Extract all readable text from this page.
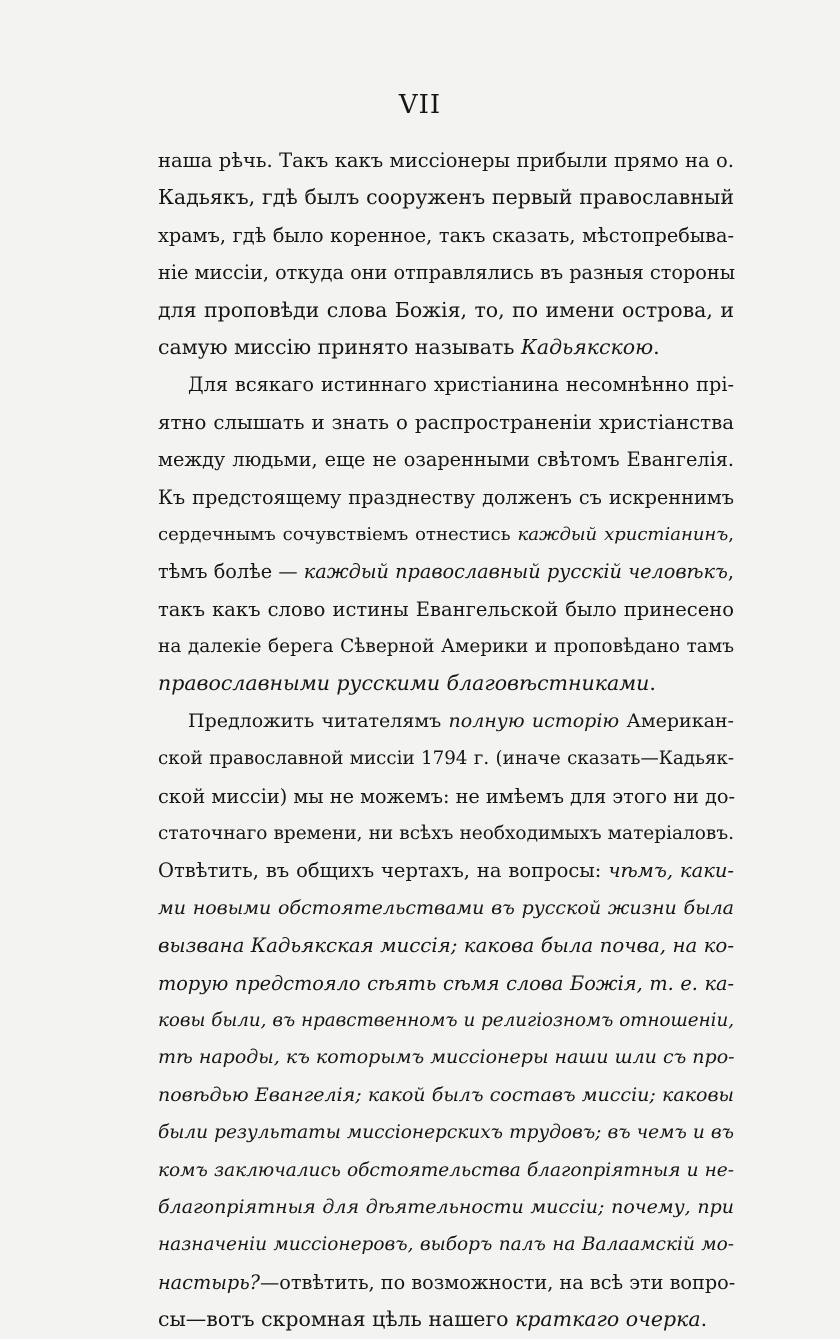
VII
наша рѣчь. Такъ какъ миссіонеры прибыли прямо на о.
Кадьякъ, гдѣ былъ сооруженъ первый православный
храмъ, гдѣ было коренное, такъ сказать, мѣстопребыва-
ніе миссіи, откуда они отправлялись въ разныя стороны
для проповѣди слова Божія, то, по имени острова, и
самую миссію принято называть Кадьякскою.
Для всякаго истиннаго христіанина несомнѣнно прі-
ятно слышать и знать о распространеніи христіанства
между людьми, еще не озаренными свѣтомъ Евангелія.
Къ предстоящему празднеству долженъ съ искреннимъ
сердечнымъ сочувствіемъ отнестись каждый христіанинъ,
тѣмъ болѣе — каждый православный русскій человѣкъ,
такъ какъ слово истины Евангельской было принесено
на далекіе берега Сѣверной Америки и проповѣдано тамъ
православными русскими благовѣстниками.
Предложить читателямъ полную исторію Американ-
ской православной миссіи 1794 г. (иначе сказать—Кадьяк-
ской миссіи) мы не можемъ: не имѣемъ для этого ни до-
статочнаго времени, ни всѣхъ необходимыхъ матеріаловъ.
Отвѣтить, въ общихъ чертахъ, на вопросы: чѣмъ, каки-
ми новыми обстоятельствами въ русской жизни была
вызвана Кадьякская миссія; какова была почва, на ко-
торую предстояло сѣять сѣмя слова Божія, т. е. ка-
ковы были, въ нравственномъ и религіозномъ отношеніи,
тѣ народы, къ которымъ миссіонеры наши шли съ про-
повѣдью Евангелія; какой былъ составъ миссіи; каковы
были результаты миссіонерскихъ трудовъ; въ чемъ и въ
комъ заключались обстоятельства благопріятныя и не-
благопріятныя для дѣятельности миссіи; почему, при
назначеніи миссіонеровъ, выборъ палъ на Валаамскій мо-
настырь?—отвѣтить, по возможности, на всѣ эти вопро-
сы—вотъ скромная цѣль нашего краткаго очерка.
